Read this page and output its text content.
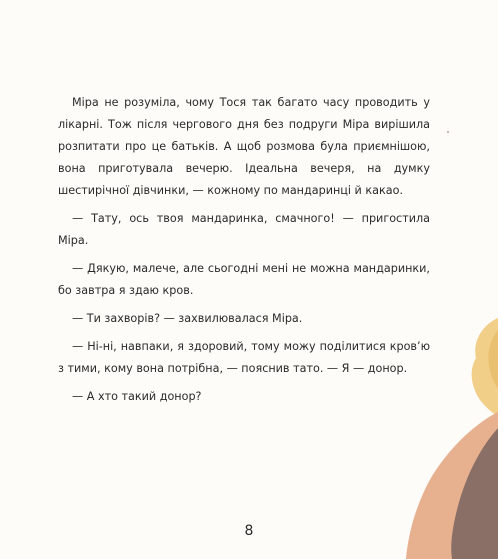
Міра не розуміла, чому Тося так багато часу проводить у лікарні. Тож після чергового дня без подруги Міра вирішила розпитати про це батьків. А щоб розмова була приємнішою, вона приготувала вечерю. Ідеальна вечеря, на думку шестирічної дівчинки, — кожному по мандаринці й какао.

— Тату, ось твоя мандаринка, смачного! — пригостила Міра.

— Дякую, малече, але сьогодні мені не можна мандаринки, бо завтра я здаю кров.

— Ти захворів? — захвилювалася Міра.

— Ні-ні, навпаки, я здоровий, тому можу поділитися кров’ю з тими, кому вона потрібна, — пояснив тато. — Я — донор.

— А хто такий донор?

8
